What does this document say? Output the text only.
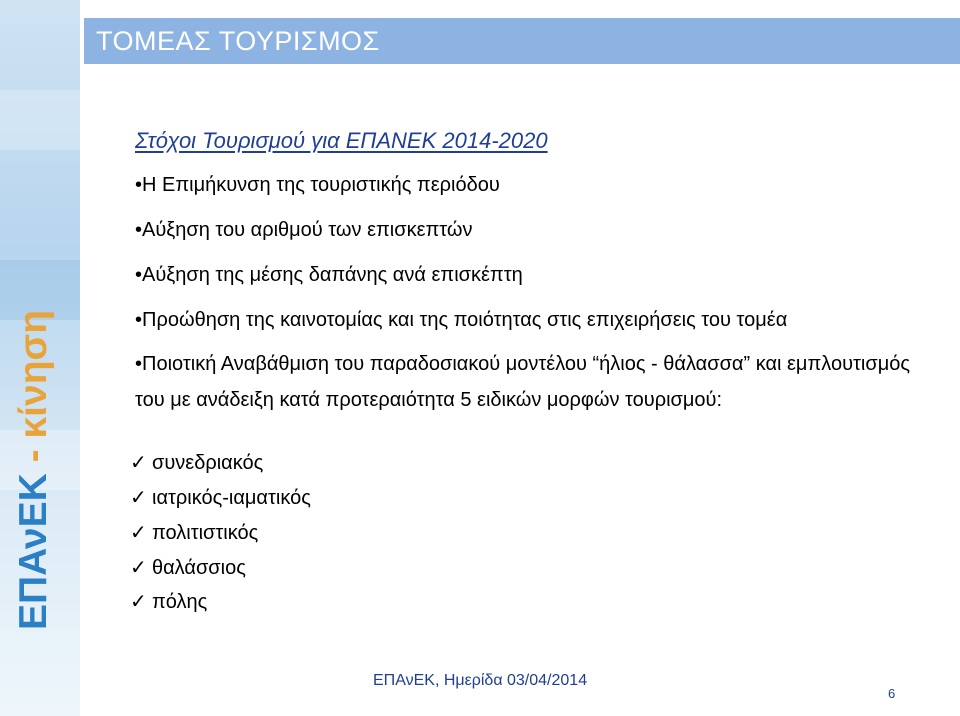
ΕΠΑνΕΚ - κίνηση
ΤΟΜΕΑΣ ΤΟΥΡΙΣΜΟΣ
Στόχοι Τουρισμού για ΕΠΑΝΕΚ 2014-2020
•Η Επιμήκυνση της τουριστικής περιόδου
•Αύξηση του αριθμού των επισκεπτών
•Αύξηση της μέσης δαπάνης ανά επισκέπτη
•Προώθηση της καινοτομίας και της ποιότητας στις επιχειρήσεις του τομέα
•Ποιοτική Αναβάθμιση του παραδοσιακού μοντέλου “ήλιος - θάλασσα” και εμπλουτισμός του με ανάδειξη κατά προτεραιότητα 5 ειδικών μορφών τουρισμού:
✓ συνεδριακός
✓ ιατρικός-ιαματικός
✓ πολιτιστικός
✓ θαλάσσιος
✓ πόλης
ΕΠΑνΕΚ, Ημερίδα 03/04/2014
6
